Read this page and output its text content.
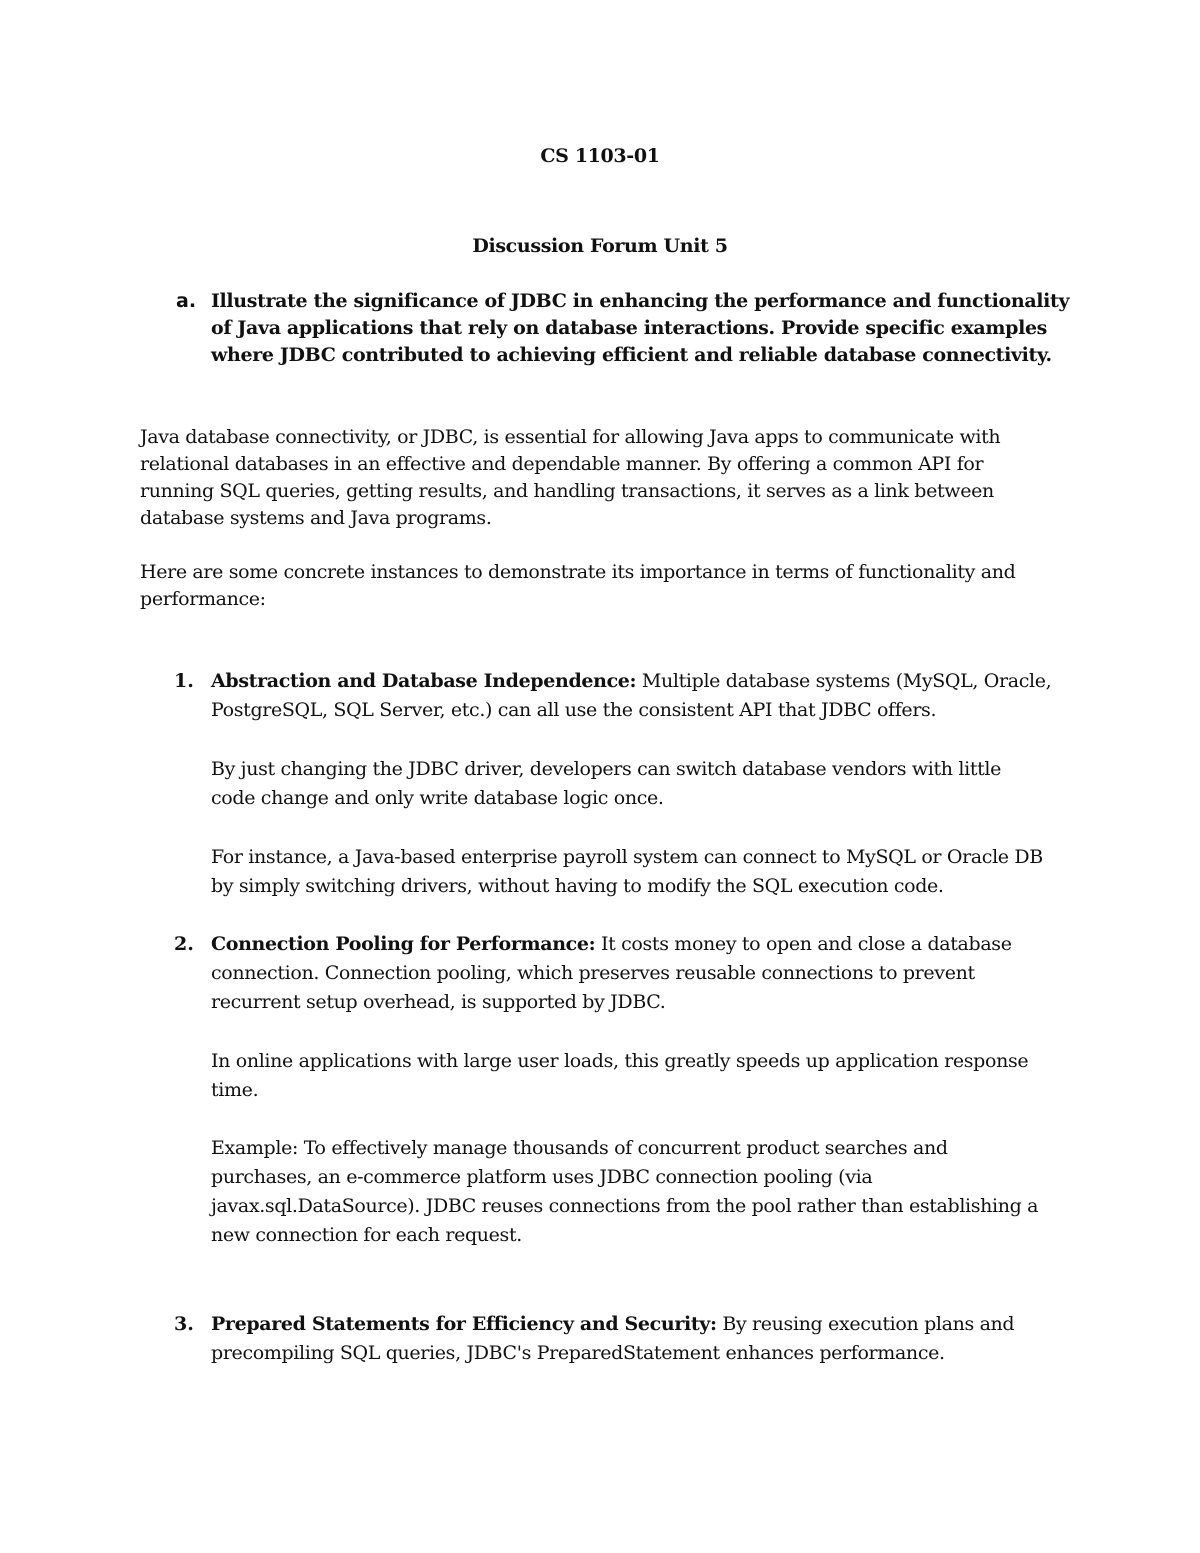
CS 1103-01
Discussion Forum Unit 5
a. Illustrate the significance of JDBC in enhancing the performance and functionality
of Java applications that rely on database interactions. Provide specific examples
where JDBC contributed to achieving efficient and reliable database connectivity.
Java database connectivity, or JDBC, is essential for allowing Java apps to communicate with
relational databases in an effective and dependable manner. By offering a common API for
running SQL queries, getting results, and handling transactions, it serves as a link between
database systems and Java programs.
Here are some concrete instances to demonstrate its importance in terms of functionality and
performance:
1. Abstraction and Database Independence: Multiple database systems (MySQL, Oracle,
PostgreSQL, SQL Server, etc.) can all use the consistent API that JDBC offers.
By just changing the JDBC driver, developers can switch database vendors with little
code change and only write database logic once.
For instance, a Java-based enterprise payroll system can connect to MySQL or Oracle DB
by simply switching drivers, without having to modify the SQL execution code.
2. Connection Pooling for Performance: It costs money to open and close a database
connection. Connection pooling, which preserves reusable connections to prevent
recurrent setup overhead, is supported by JDBC.
In online applications with large user loads, this greatly speeds up application response
time.
Example: To effectively manage thousands of concurrent product searches and
purchases, an e-commerce platform uses JDBC connection pooling (via
javax.sql.DataSource). JDBC reuses connections from the pool rather than establishing a
new connection for each request.
3. Prepared Statements for Efficiency and Security: By reusing execution plans and
precompiling SQL queries, JDBC's PreparedStatement enhances performance.
